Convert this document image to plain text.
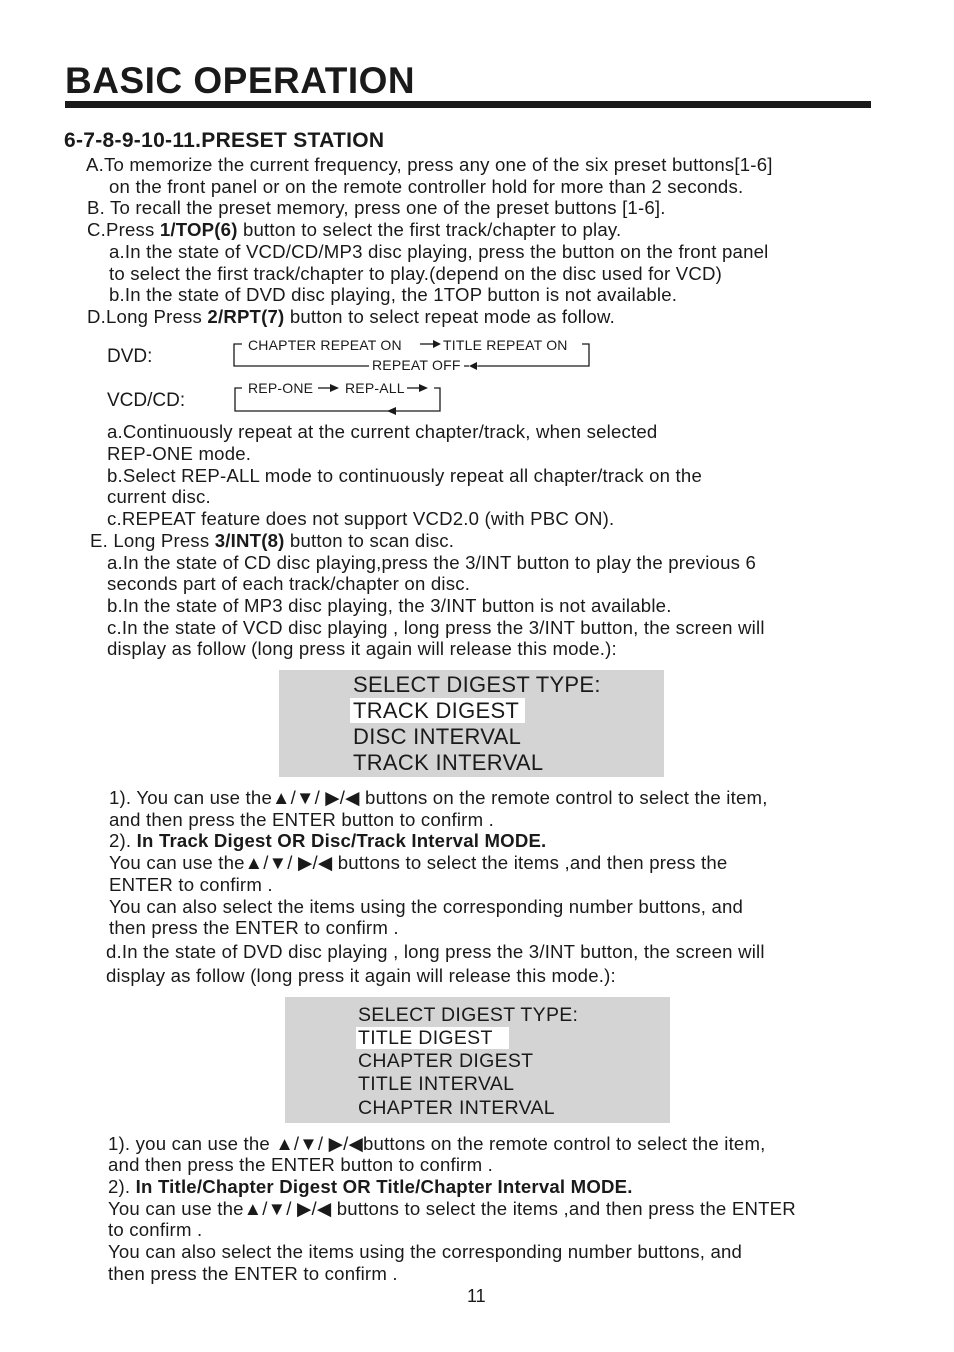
BASIC OPERATION
6-7-8-9-10-11.PRESET STATION
A.To memorize the current frequency, press any one of the six preset buttons[1-6]
on the front panel or on the remote controller hold for more than 2 seconds.
B. To recall the preset memory, press one of the preset buttons [1-6].
C.Press 1/TOP(6) button to select the first track/chapter to play.
a.In the state of VCD/CD/MP3 disc playing, press the button on the front panel
to select the first track/chapter to play.(depend on the disc used for VCD)
b.In the state of DVD disc playing, the 1TOP button is not available.
D.Long Press 2/RPT(7) button to select repeat mode as follow.
DVD:
CHAPTER REPEAT ON	TITLE REPEAT ON
REPEAT OFF
VCD/CD:
REP-ONE REP-ALL
a.Continuously repeat at the current chapter/track, when selected
REP-ONE mode.
b.Select REP-ALL mode to continuously repeat all chapter/track on the
current disc.
c.REPEAT feature does not support VCD2.0 (with PBC ON).
E. Long Press 3/INT(8) button to scan disc.
a.In the state of CD disc playing,press the 3/INT button to play the previous 6
seconds part of each track/chapter on disc.
b.In the state of MP3 disc playing, the 3/INT button is not available.
c.In the state of VCD disc playing , long press the 3/INT button, the screen will
display as follow (long press it again will release this mode.):
SELECT DIGEST TYPE:
TRACK DIGEST
DISC INTERVAL
TRACK INTERVAL
1). You can use the▲/▼/ ▶/◀ buttons on the remote control to select the item,
and then press the ENTER button to confirm .
2). In Track Digest OR Disc/Track Interval MODE.
You can use the▲/▼/ ▶/◀ buttons to select the items ,and then press the
ENTER to confirm .
You can also select the items using the corresponding number buttons, and
then press the ENTER to confirm .
d.In the state of DVD disc playing , long press the 3/INT button, the screen will
display as follow (long press it again will release this mode.):
SELECT DIGEST TYPE:
TITLE DIGEST
CHAPTER DIGEST
TITLE INTERVAL
CHAPTER INTERVAL
1). you can use the ▲/▼/ ▶/◀buttons on the remote control to select the item,
and then press the ENTER button to confirm .
2). In Title/Chapter Digest OR Title/Chapter Interval MODE.
You can use the▲/▼/ ▶/◀ buttons to select the items ,and then press the ENTER
to confirm .
You can also select the items using the corresponding number buttons, and
then press the ENTER to confirm .
11
